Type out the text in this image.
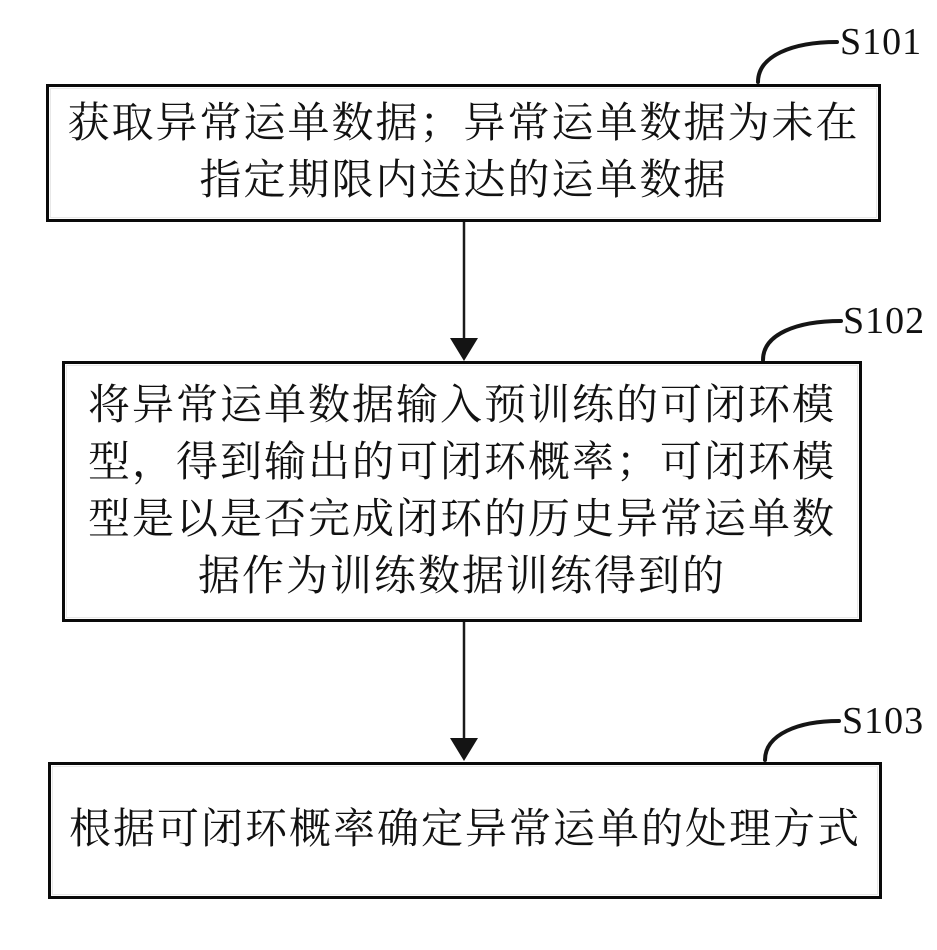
S101
S102
S103
获取异常运单数据；异常运单数据为未在
指定期限内送达的运单数据
将异常运单数据输入预训练的可闭环模
型，得到输出的可闭环概率；可闭环模
型是以是否完成闭环的历史异常运单数
据作为训练数据训练得到的
根据可闭环概率确定异常运单的处理方式
